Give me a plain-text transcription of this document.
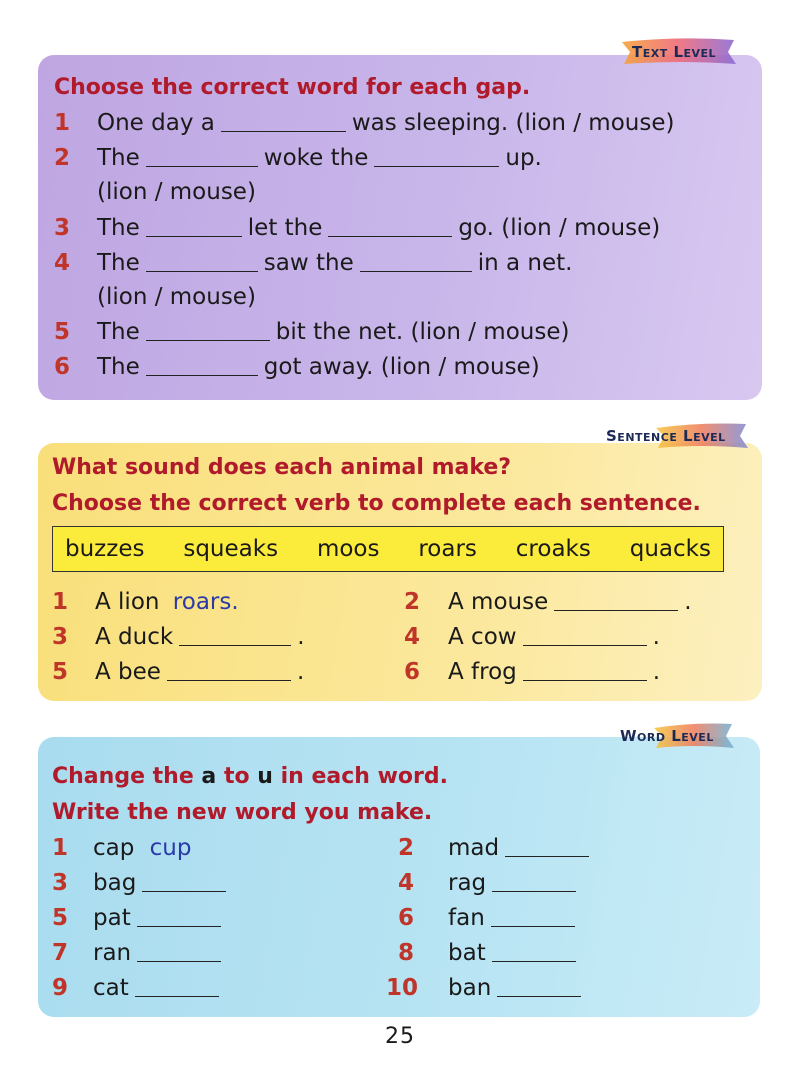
Text Level
Choose the correct word for each gap.
1 One day a	was sleeping. (lion / mouse)
2 The	woke the	up.
(lion / mouse)
3 The	let the	go. (lion / mouse)
4 The	saw the	in a net.
(lion / mouse)
5 The	bit the net. (lion / mouse)
6 The	got away. (lion / mouse)
Sentence Level
What sound does each animal make?
Choose the correct verb to complete each sentence.
buzzes squeaks moos roars croaks quacks
1 A lion roars.	2 A mouse	.
3 A duck	.	4 A cow	.
5 A bee	.	6 A frog	.
Word Level
Change the a to u in each word.
Write the new word you make.
1 cap cup	2 mad
3 bag	4 rag
5 pat	6 fan
7 ran	8 bat
9 cat	10 ban
25
